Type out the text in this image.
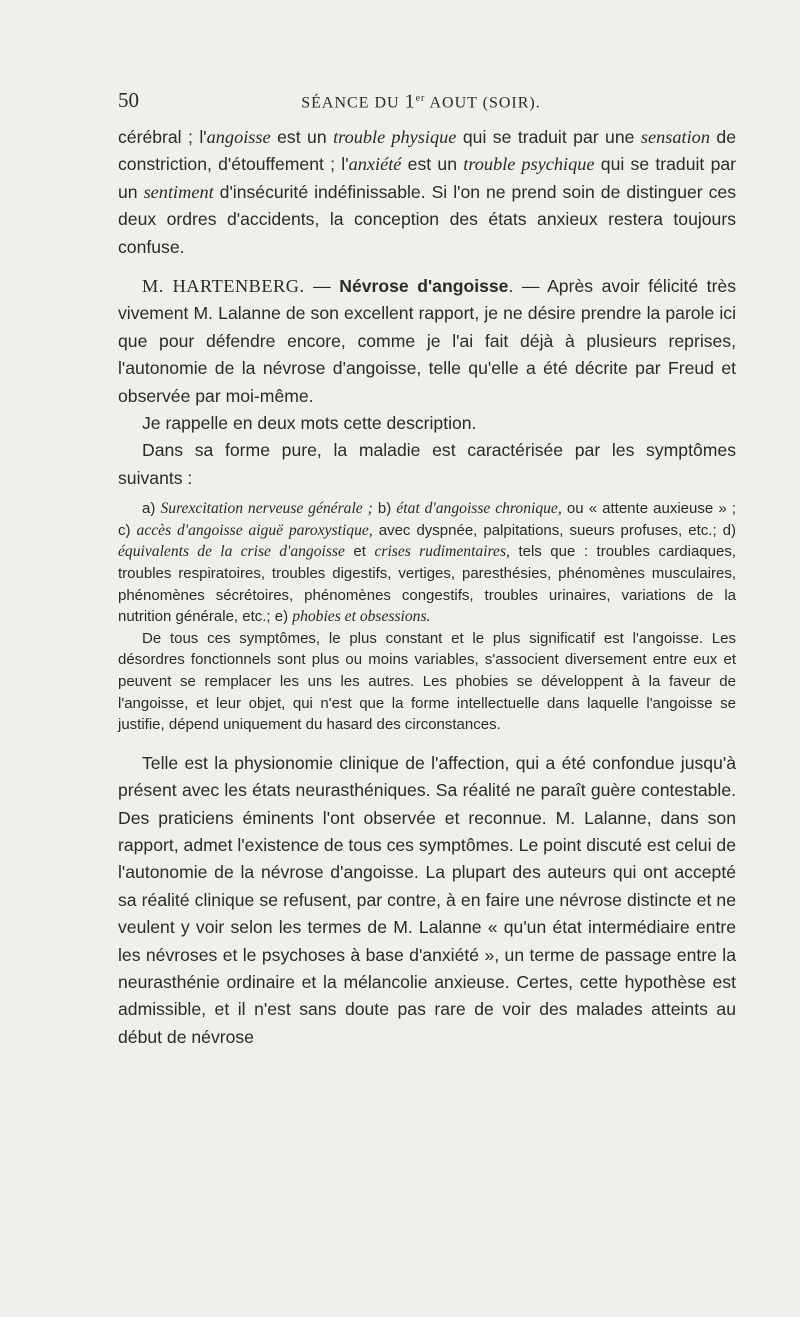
50	SÉANCE DU 1er AOUT (SOIR).

cérébral ; l'angoisse est un trouble physique qui se traduit par une sensation de constriction, d'étouffement ; l'anxiété est un trouble psychique qui se traduit par un sentiment d'insécurité indéfinissable. Si l'on ne prend soin de distinguer ces deux ordres d'accidents, la conception des états anxieux restera toujours confuse.

M. HARTENBERG. — Névrose d'angoisse. — Après avoir félicité très vivement M. Lalanne de son excellent rapport, je ne désire prendre la parole ici que pour défendre encore, comme je l'ai fait déjà à plusieurs reprises, l'autonomie de la névrose d'angoisse, telle qu'elle a été décrite par Freud et observée par moi-même.

Je rappelle en deux mots cette description.

Dans sa forme pure, la maladie est caractérisée par les symptômes suivants :

a) Surexcitation nerveuse générale ; b) état d'angoisse chronique, ou « attente auxieuse » ; c) accès d'angoisse aiguë paroxystique, avec dyspnée, palpitations, sueurs profuses, etc.; d) équivalents de la crise d'angoisse et crises rudimentaires, tels que : troubles cardiaques, troubles respiratoires, troubles digestifs, vertiges, paresthésies, phénomènes musculaires, phénomènes sécrétoires, phénomènes congestifs, troubles urinaires, variations de la nutrition générale, etc.; e) phobies et obsessions.

De tous ces symptômes, le plus constant et le plus significatif est l'angoisse. Les désordres fonctionnels sont plus ou moins variables, s'associent diversement entre eux et peuvent se remplacer les uns les autres. Les phobies se développent à la faveur de l'angoisse, et leur objet, qui n'est que la forme intellectuelle dans laquelle l'angoisse se justifie, dépend uniquement du hasard des circonstances.

Telle est la physionomie clinique de l'affection, qui a été confondue jusqu'à présent avec les états neurasthéniques. Sa réalité ne paraît guère contestable. Des praticiens éminents l'ont observée et reconnue. M. Lalanne, dans son rapport, admet l'existence de tous ces symptômes. Le point discuté est celui de l'autonomie de la névrose d'angoisse. La plupart des auteurs qui ont accepté sa réalité clinique se refusent, par contre, à en faire une névrose distincte et ne veulent y voir selon les termes de M. Lalanne « qu'un état intermédiaire entre les névroses et le psychoses à base d'anxiété », un terme de passage entre la neurasthénie ordinaire et la mélancolie anxieuse. Certes, cette hypothèse est admissible, et il n'est sans doute pas rare de voir des malades atteints au début de névrose
